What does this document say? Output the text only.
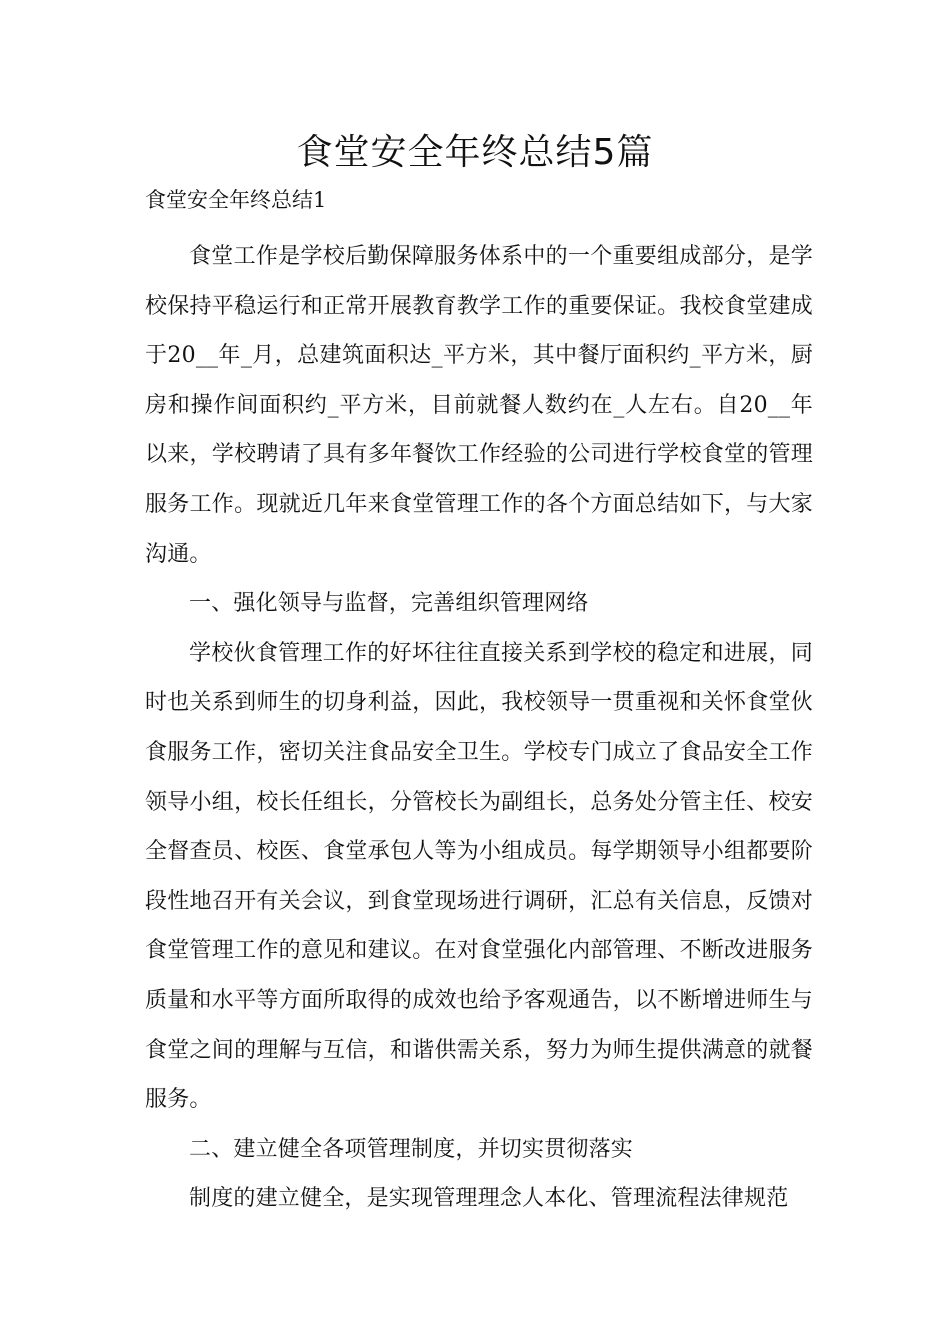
食堂安全年终总结5篇

食堂安全年终总结1

食堂工作是学校后勤保障服务体系中的一个重要组成部分，是学校保持平稳运行和正常开展教育教学工作的重要保证。我校食堂建成于20__年_月，总建筑面积达_平方米，其中餐厅面积约_平方米，厨房和操作间面积约_平方米，目前就餐人数约在_人左右。自20__年以来，学校聘请了具有多年餐饮工作经验的公司进行学校食堂的管理服务工作。现就近几年来食堂管理工作的各个方面总结如下，与大家沟通。

一、强化领导与监督，完善组织管理网络

学校伙食管理工作的好坏往往直接关系到学校的稳定和进展，同时也关系到师生的切身利益，因此，我校领导一贯重视和关怀食堂伙食服务工作，密切关注食品安全卫生。学校专门成立了食品安全工作领导小组，校长任组长，分管校长为副组长，总务处分管主任、校安全督查员、校医、食堂承包人等为小组成员。每学期领导小组都要阶段性地召开有关会议，到食堂现场进行调研，汇总有关信息，反馈对食堂管理工作的意见和建议。在对食堂强化内部管理、不断改进服务质量和水平等方面所取得的成效也给予客观通告，以不断增进师生与食堂之间的理解与互信，和谐供需关系，努力为师生提供满意的就餐服务。

二、建立健全各项管理制度，并切实贯彻落实

制度的建立健全，是实现管理理念人本化、管理流程法律规范
